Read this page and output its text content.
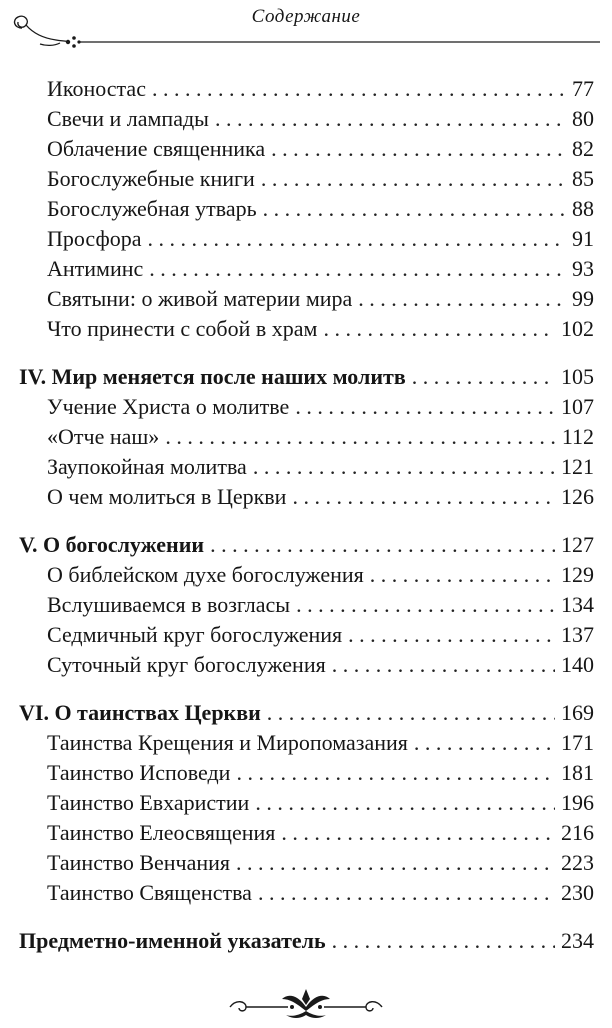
Содержание
Иконостас . . .	77
Свечи и лампады . . .	80
Облачение священника . . .	82
Богослужебные книги . . .	85
Богослужебная утварь . . .	88
Просфора . . .	91
Антиминс . . .	93
Святыни: о живой материи мира . . .	99
Что принести с собой в храм . . .	102
IV. Мир меняется после наших молитв . . .	105
Учение Христа о молитве . . .	107
«Отче наш» . . .	112
Заупокойная молитва . . .	121
О чем молиться в Церкви . . .	126
V. О богослужении . . .	127
О библейском духе богослужения . . .	129
Вслушиваемся в возгласы . . .	134
Седмичный круг богослужения . . .	137
Суточный круг богослужения . . .	140
VI. О таинствах Церкви . . .	169
Таинства Крещения и Миропомазания . . .	171
Таинство Исповеди . . .	181
Таинство Евхаристии . . .	196
Таинство Елеосвящения . . .	216
Таинство Венчания . . .	223
Таинство Священства . . .	230
Предметно-именной указатель . . .	234
